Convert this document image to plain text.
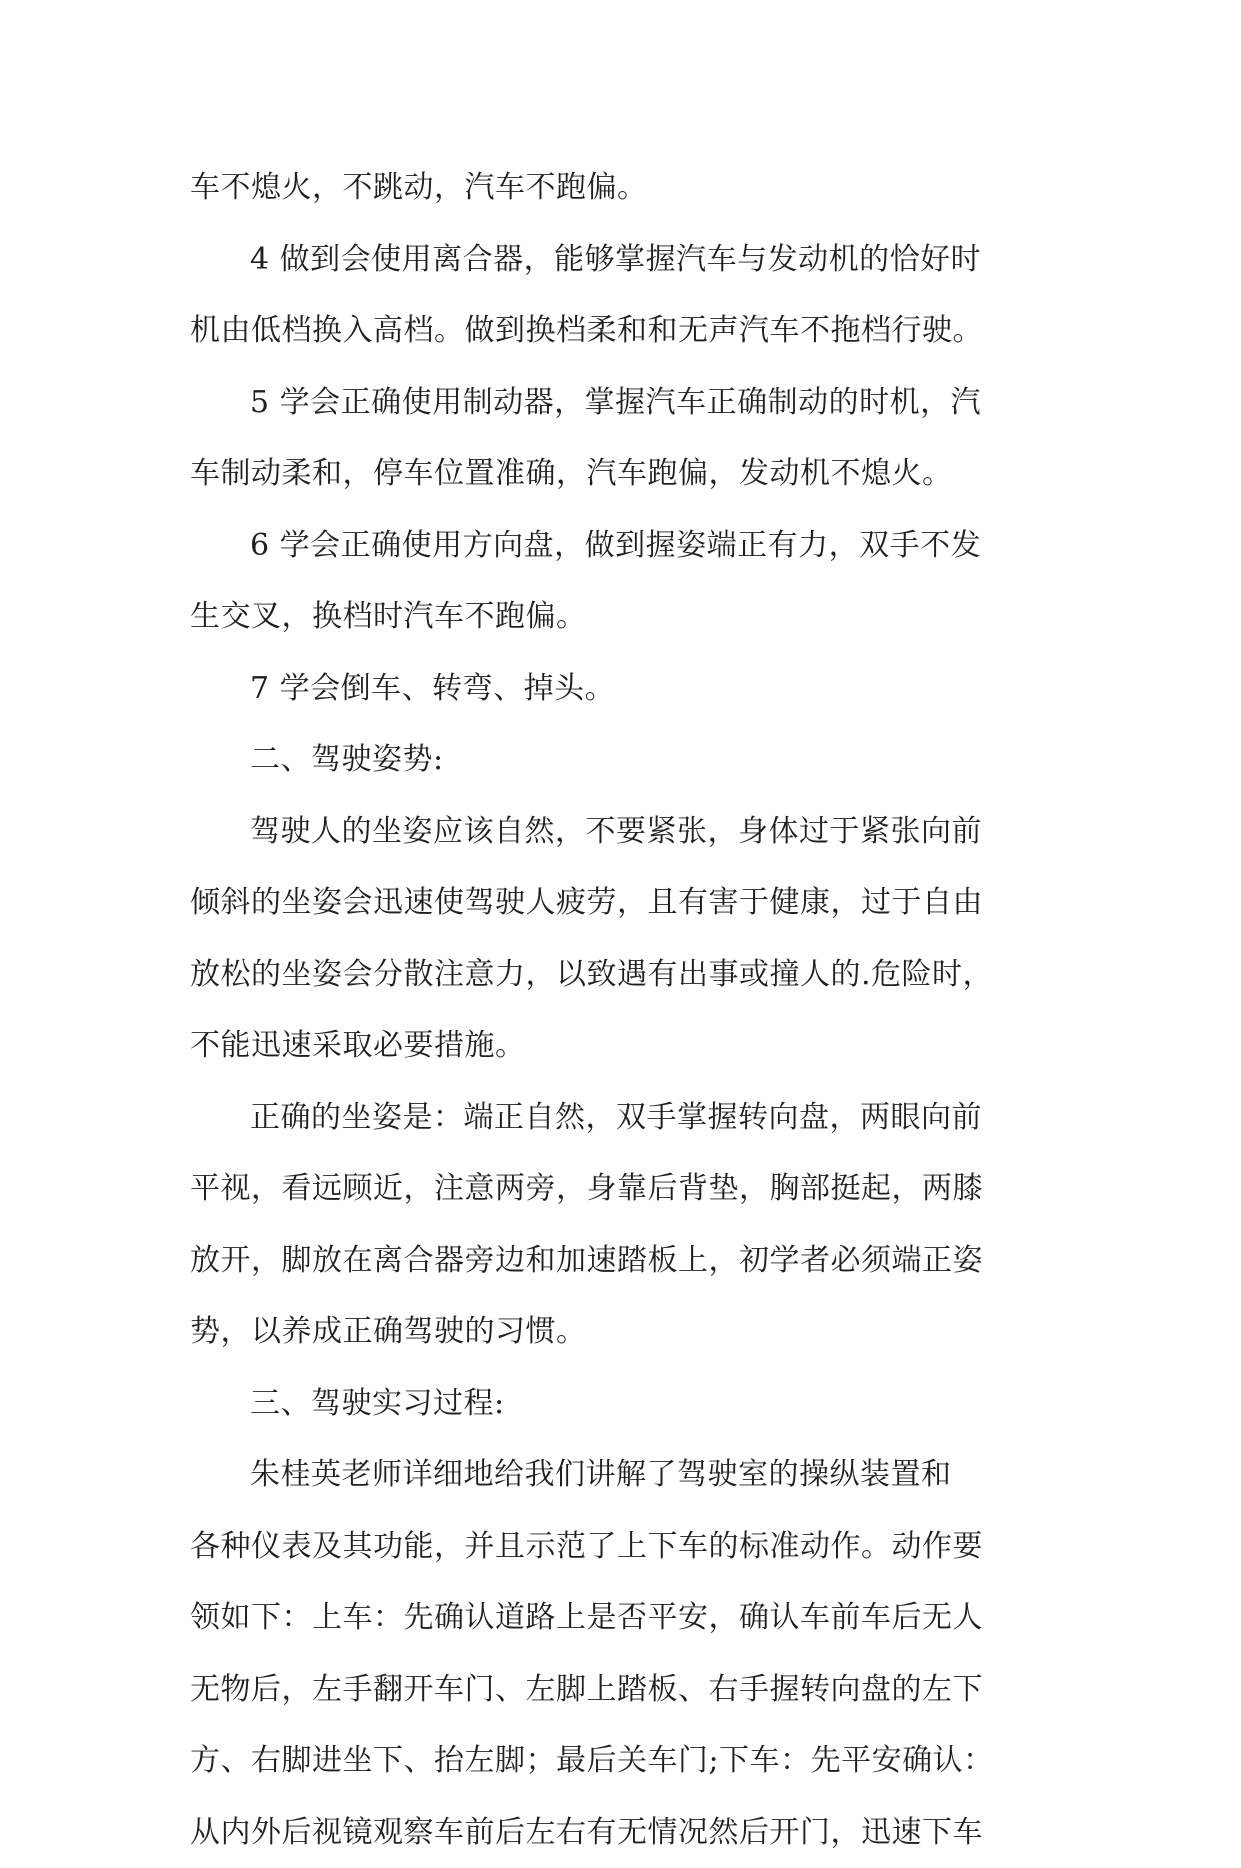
车不熄火，不跳动，汽车不跑偏。
4 做到会使用离合器，能够掌握汽车与发动机的恰好时
机由低档换入高档。做到换档柔和和无声汽车不拖档行驶。
5 学会正确使用制动器，掌握汽车正确制动的时机，汽
车制动柔和，停车位置准确，汽车跑偏，发动机不熄火。
6 学会正确使用方向盘，做到握姿端正有力，双手不发
生交叉，换档时汽车不跑偏。
7 学会倒车、转弯、掉头。
二、驾驶姿势:
驾驶人的坐姿应该自然，不要紧张，身体过于紧张向前
倾斜的坐姿会迅速使驾驶人疲劳，且有害于健康，过于自由
放松的坐姿会分散注意力，以致遇有出事或撞人的.危险时，
不能迅速采取必要措施。
正确的坐姿是：端正自然，双手掌握转向盘，两眼向前
平视，看远顾近，注意两旁，身靠后背垫，胸部挺起，两膝
放开，脚放在离合器旁边和加速踏板上，初学者必须端正姿
势，以养成正确驾驶的习惯。
三、驾驶实习过程:
朱桂英老师详细地给我们讲解了驾驶室的操纵装置和
各种仪表及其功能，并且示范了上下车的标准动作。动作要
领如下：上车：先确认道路上是否平安，确认车前车后无人
无物后，左手翻开车门、左脚上踏板、右手握转向盘的左下
方、右脚进坐下、抬左脚；最后关车门;下车：先平安确认：
从内外后视镜观察车前后左右有无情况然后开门，迅速下车
